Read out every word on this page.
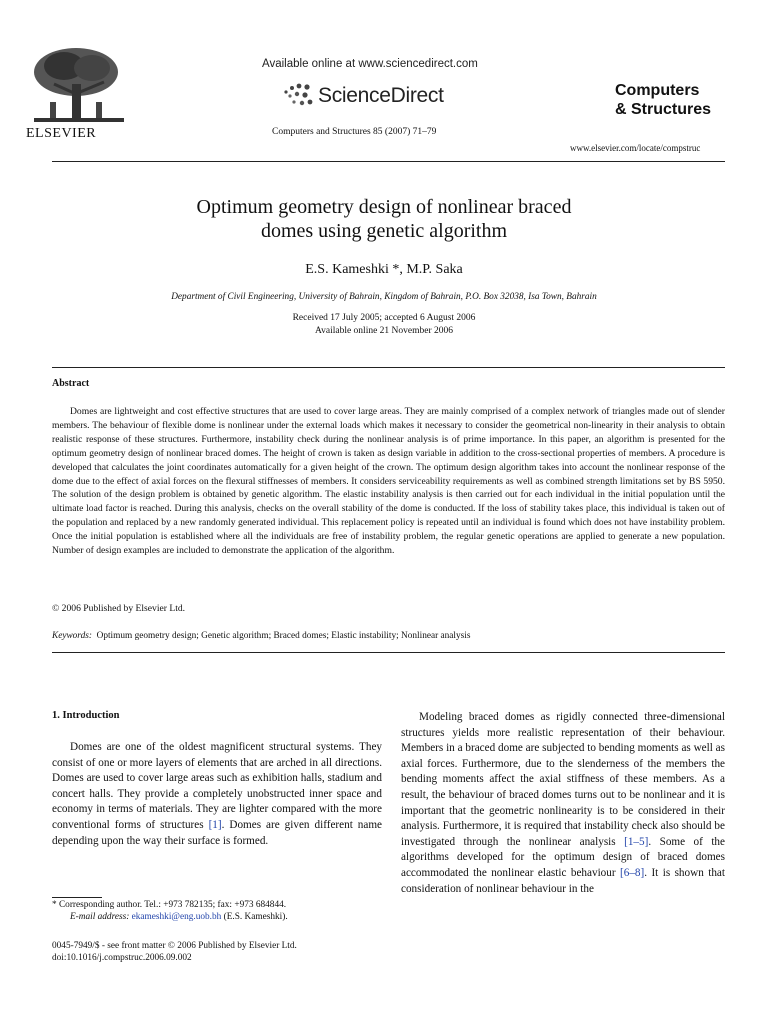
ELSEVIER
Available online at www.sciencedirect.com
ScienceDirect
Computers and Structures 85 (2007) 71–79
Computers
& Structures
www.elsevier.com/locate/compstruc
Optimum geometry design of nonlinear braced
domes using genetic algorithm
E.S. Kameshki *, M.P. Saka
Department of Civil Engineering, University of Bahrain, Kingdom of Bahrain, P.O. Box 32038, Isa Town, Bahrain
Received 17 July 2005; accepted 6 August 2006
Available online 21 November 2006
Abstract
Domes are lightweight and cost effective structures that are used to cover large areas. They are mainly comprised of a complex network of triangles made out of slender members. The behaviour of flexible dome is nonlinear under the external loads which makes it necessary to consider the geometrical non-linearity in their analysis to obtain realistic response of these structures. Furthermore, instability check during the nonlinear analysis is of prime importance. In this paper, an algorithm is presented for the optimum geometry design of nonlinear braced domes. The height of crown is taken as design variable in addition to the cross-sectional properties of members. A procedure is developed that calculates the joint coordinates automatically for a given height of the crown. The optimum design algorithm takes into account the nonlinear response of the dome due to the effect of axial forces on the flexural stiffnesses of members. It considers serviceability requirements as well as combined strength limitations set by BS 5950. The solution of the design problem is obtained by genetic algorithm. The elastic instability analysis is then carried out for each individual in the initial population until the ultimate load factor is reached. During this analysis, checks on the overall stability of the dome is conducted. If the loss of stability takes place, this individual is taken out of the population and replaced by a new randomly generated individual. This replacement policy is repeated until an individual is found which does not have instability problem. Once the initial population is established where all the individuals are free of instability problem, the regular genetic operations are applied to generate a new population. Number of design examples are included to demonstrate the application of the algorithm.
© 2006 Published by Elsevier Ltd.
Keywords: Optimum geometry design; Genetic algorithm; Braced domes; Elastic instability; Nonlinear analysis
1. Introduction
Domes are one of the oldest magnificent structural systems. They consist of one or more layers of elements that are arched in all directions. Domes are used to cover large areas such as exhibition halls, stadium and concert halls. They provide a completely unobstructed inner space and economy in terms of materials. They are lighter compared with the more conventional forms of structures [1]. Domes are given different name depending upon the way their surface is formed.
Modeling braced domes as rigidly connected three-dimensional structures yields more realistic representation of their behaviour. Members in a braced dome are subjected to bending moments as well as axial forces. Furthermore, due to the slenderness of the members the bending moments affect the axial stiffness of these members. As a result, the behaviour of braced domes turns out to be nonlinear and it is important that the geometric nonlinearity is to be considered in their analysis. Furthermore, it is required that instability check also should be investigated through the nonlinear analysis [1–5]. Some of the algorithms developed for the optimum design of braced domes accommodated the nonlinear elastic behaviour [6–8]. It is shown that consideration of nonlinear behaviour in the
* Corresponding author. Tel.: +973 782135; fax: +973 684844.
E-mail address: ekameshki@eng.uob.bh (E.S. Kameshki).
0045-7949/$ - see front matter © 2006 Published by Elsevier Ltd.
doi:10.1016/j.compstruc.2006.09.002
